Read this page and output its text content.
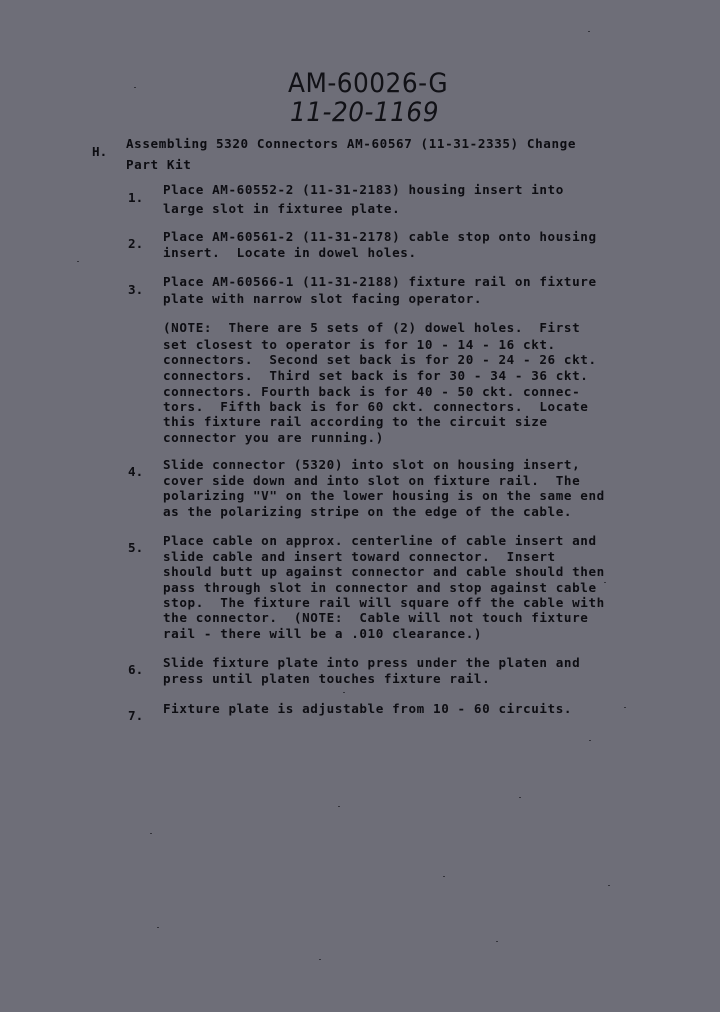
AM-60026-G
11-20-1169
H.
Assembling 5320 Connectors AM-60567 (11-31-2335) Change
Part Kit
1.
Place AM-60552-2 (11-31-2183) housing insert into
large slot in fixturee plate.
2. Place AM-60561-2 (11-31-2178) cable stop onto housing
insert.  Locate in dowel holes.
3.
Place AM-60566-1 (11-31-2188) fixture rail on fixture
plate with narrow slot facing operator.
(NOTE:  There are 5 sets of (2) dowel holes.  First
set closest to operator is for 10 - 14 - 16 ckt.
connectors.  Second set back is for 20 - 24 - 26 ckt.
connectors.  Third set back is for 30 - 34 - 36 ckt.
connectors. Fourth back is for 40 - 50 ckt. connec-
tors.  Fifth back is for 60 ckt. connectors.  Locate
this fixture rail according to the circuit size
connector you are running.)
4. Slide connector (5320) into slot on housing insert,
cover side down and into slot on fixture rail.  The
polarizing "V" on the lower housing is on the same end
as the polarizing stripe on the edge of the cable.
5. Place cable on approx. centerline of cable insert and
slide cable and insert toward connector.  Insert
should butt up against connector and cable should then
pass through slot in connector and stop against cable
stop.  The fixture rail will square off the cable with
the connector.  (NOTE:  Cable will not touch fixture
rail - there will be a .010 clearance.)
6. Slide fixture plate into press under the platen and
press until platen touches fixture rail.
7. Fixture plate is adjustable from 10 - 60 circuits.
